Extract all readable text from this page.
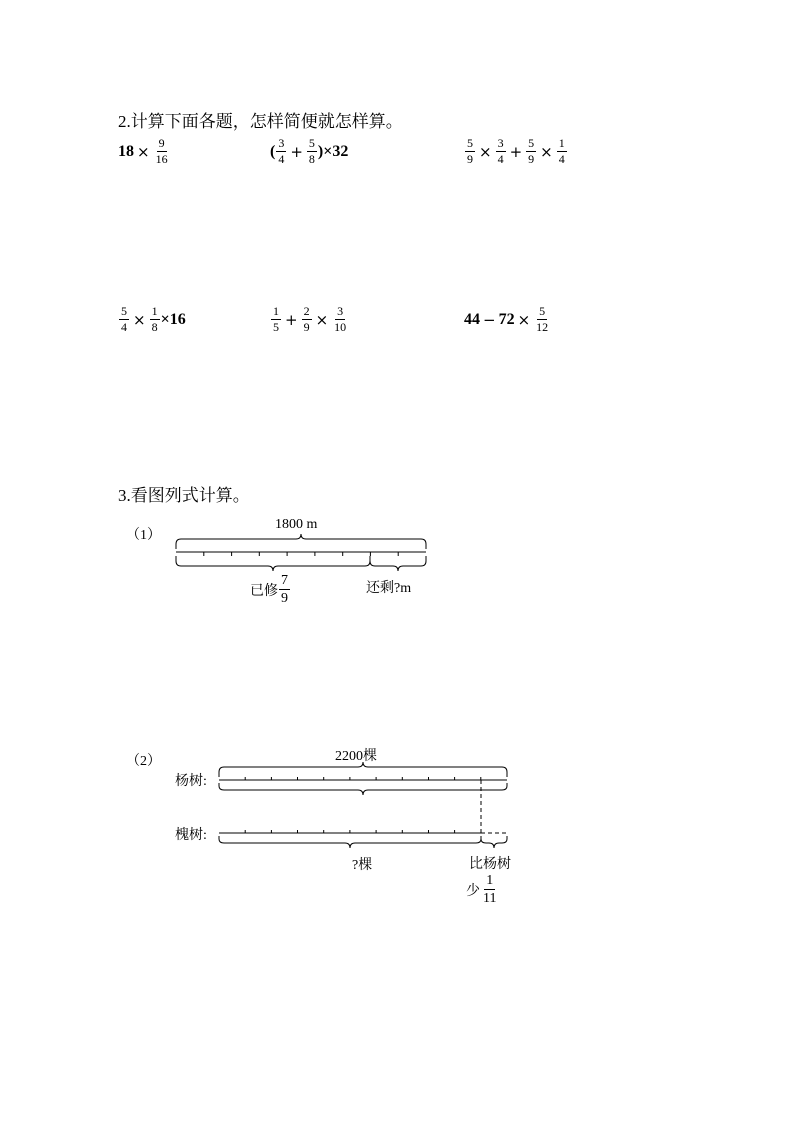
2.计算下面各题，怎样简便就怎样算。
$18 \times \frac{9}{16}$	( $\frac{3}{4} + \frac{5}{8} )\times 32$	$\frac{5}{9} \times \frac{3}{4} + \frac{5}{9} \times \frac{1}{4}$
$\frac{5}{4} \times \frac{1}{8} \times 16$	$\frac{1}{5} + \frac{2}{9} \times \frac{3}{10}$	$44 - 72 \times \frac{5}{12}$
3.看图列式计算。
（1）
1800 m
已修 $\frac{7}{9}$	还剩?m
（2）	2200棵
杨树:
槐树:
?棵	比杨树
少 $\frac{1}{11}$
